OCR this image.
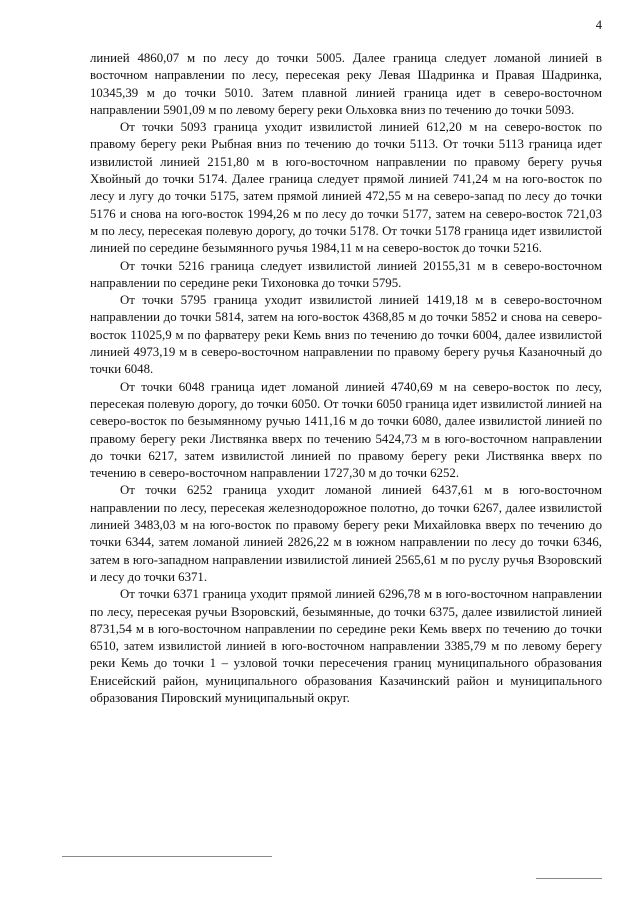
4

линией 4860,07 м по лесу до точки 5005. Далее граница следует ломаной линией в восточном направлении по лесу, пересекая реку Левая Шадринка и Правая Шадринка, 10345,39 м до точки 5010. Затем плавной линией граница идет в северо-восточном направлении 5901,09 м по левому берегу реки Ольховка вниз по течению до точки 5093.

От точки 5093 граница уходит извилистой линией 612,20 м на северо-восток по правому берегу реки Рыбная вниз по течению до точки 5113. От точки 5113 граница идет извилистой линией 2151,80 м в юго-восточном направлении по правому берегу ручья Хвойный до точки 5174. Далее граница следует прямой линией 741,24 м на юго-восток по лесу и лугу до точки 5175, затем прямой линией 472,55 м на северо-запад по лесу до точки 5176 и снова на юго-восток 1994,26 м по лесу до точки 5177, затем на северо-восток 721,03 м по лесу, пересекая полевую дорогу, до точки 5178. От точки 5178 граница идет извилистой линией по середине безымянного ручья 1984,11 м на северо-восток до точки 5216.

От точки 5216 граница следует извилистой линией 20155,31 м в северо-восточном направлении по середине реки Тихоновка до точки 5795.

От точки 5795 граница уходит извилистой линией 1419,18 м в северо-восточном направлении до точки 5814, затем на юго-восток 4368,85 м до точки 5852 и снова на северо-восток 11025,9 м по фарватеру реки Кемь вниз по течению до точки 6004, далее извилистой линией 4973,19 м в северо-восточном направлении по правому берегу ручья Казаночный до точки 6048.

От точки 6048 граница идет ломаной линией 4740,69 м на северо-восток по лесу, пересекая полевую дорогу, до точки 6050. От точки 6050 граница идет извилистой линией на северо-восток по безымянному ручью 1411,16 м до точки 6080, далее извилистой линией по правому берегу реки Листвянка вверх по течению 5424,73 м в юго-восточном направлении до точки 6217, затем извилистой линией по правому берегу реки Листвянка вверх по течению в северо-восточном направлении 1727,30 м до точки 6252.

От точки 6252 граница уходит ломаной линией 6437,61 м в юго-восточном направлении по лесу, пересекая железнодорожное полотно, до точки 6267, далее извилистой линией 3483,03 м на юго-восток по правому берегу реки Михайловка вверх по течению до точки 6344, затем ломаной линией 2826,22 м в южном направлении по лесу до точки 6346, затем в юго-западном направлении извилистой линией 2565,61 м по руслу ручья Взоровский и лесу до точки 6371.

От точки 6371 граница уходит прямой линией 6296,78 м в юго-восточном направлении по лесу, пересекая ручьи Взоровский, безымянные, до точки 6375, далее извилистой линией 8731,54 м в юго-восточном направлении по середине реки Кемь вверх по течению до точки 6510, затем извилистой линией в юго-восточном направлении 3385,79 м по левому берегу реки Кемь до точки 1 – узловой точки пересечения границ муниципального образования Енисейский район, муниципального образования Казачинский район и муниципального образования Пировский муниципальный округ.
